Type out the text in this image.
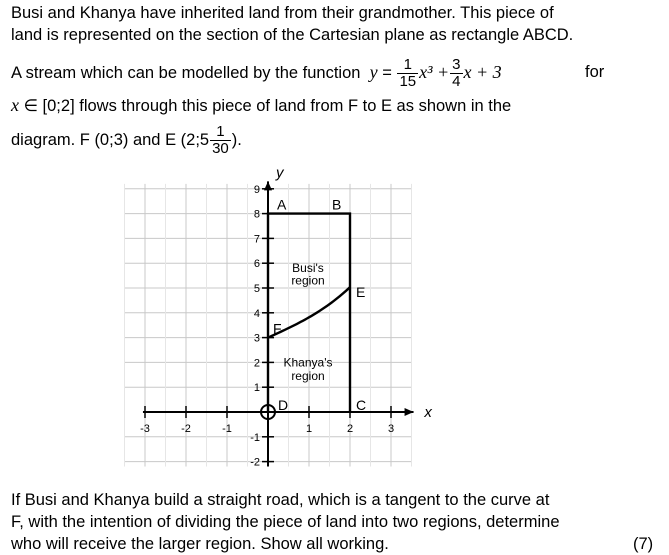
Busi and Khanya have inherited land from their grandmother. This piece of
land is represented on the section of the Cartesian plane as rectangle ABCD.
A stream which can be modelled by the function $y = \frac{1}{15} x^3 + \frac{3}{4}$ x + 3	for
x ∈ [0;2] flows through this piece of land from F to E as shown in the
diagram. F (0;3) and E (2;5 $\frac{1}{30}$ ).
-3	-2	-1	1	2	3
9
8
7
6
5
4
3
2
1
-1
-2
x
y
A	B
C
D
E
F
Busi's
region
Khanya's
region
If Busi and Khanya build a straight road, which is a tangent to the curve at
F, with the intention of dividing the piece of land into two regions, determine
who will receive the larger region. Show all working.	(7)
